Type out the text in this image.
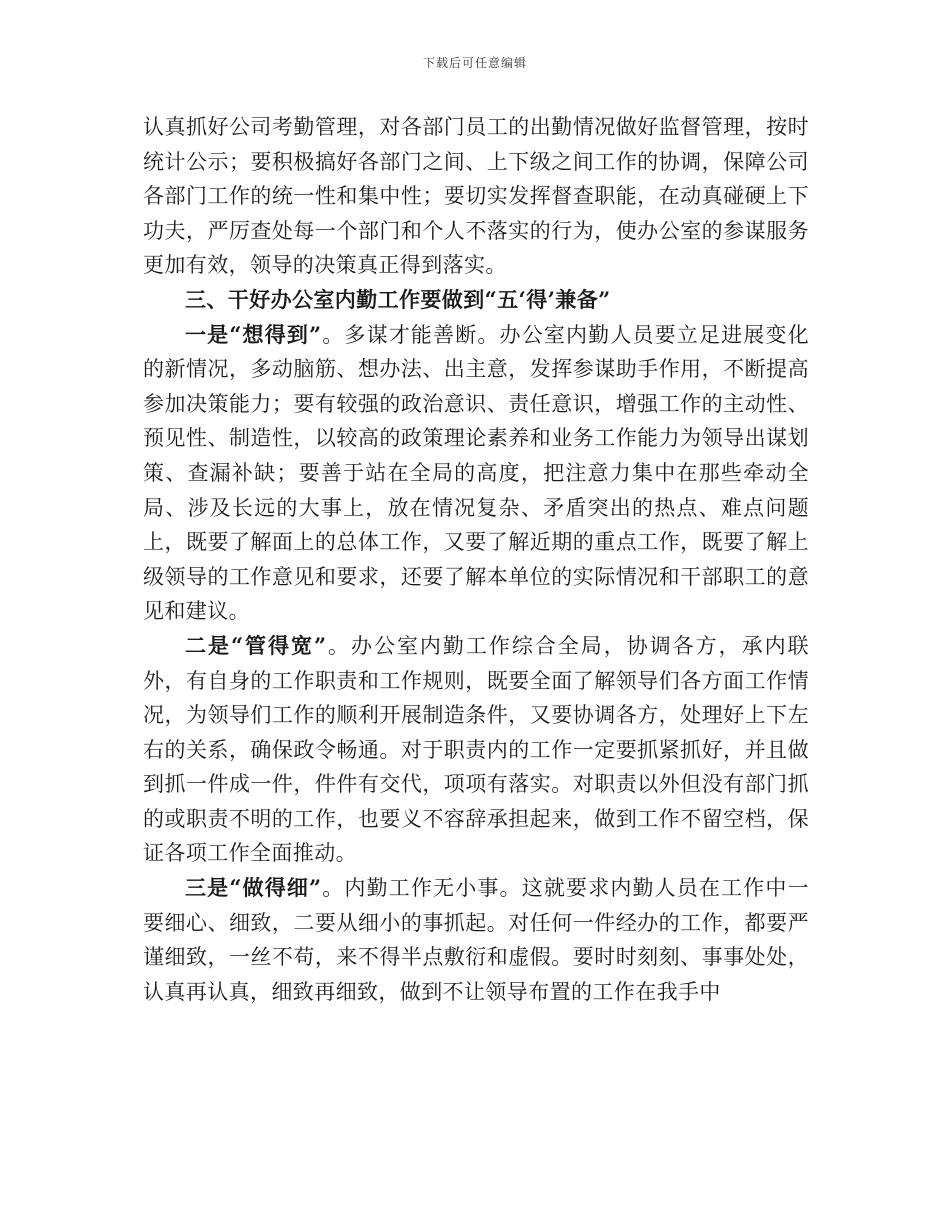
下载后可任意编辑

认真抓好公司考勤管理，对各部门员工的出勤情况做好监督管理，按时统计公示；要积极搞好各部门之间、上下级之间工作的协调，保障公司各部门工作的统一性和集中性；要切实发挥督查职能，在动真碰硬上下功夫，严厉查处每一个部门和个人不落实的行为，使办公室的参谋服务更加有效，领导的决策真正得到落实。

三、干好办公室内勤工作要做到“五‘得’兼备”

一是“想得到”。多谋才能善断。办公室内勤人员要立足进展变化的新情况，多动脑筋、想办法、出主意，发挥参谋助手作用，不断提高参加决策能力；要有较强的政治意识、责任意识，增强工作的主动性、预见性、制造性，以较高的政策理论素养和业务工作能力为领导出谋划策、查漏补缺；要善于站在全局的高度，把注意力集中在那些牵动全局、涉及长远的大事上，放在情况复杂、矛盾突出的热点、难点问题上，既要了解面上的总体工作，又要了解近期的重点工作，既要了解上级领导的工作意见和要求，还要了解本单位的实际情况和干部职工的意见和建议。

二是“管得宽”。办公室内勤工作综合全局，协调各方，承内联外，有自身的工作职责和工作规则，既要全面了解领导们各方面工作情况，为领导们工作的顺利开展制造条件，又要协调各方，处理好上下左右的关系，确保政令畅通。对于职责内的工作一定要抓紧抓好，并且做到抓一件成一件，件件有交代，项项有落实。对职责以外但没有部门抓的或职责不明的工作，也要义不容辞承担起来，做到工作不留空档，保证各项工作全面推动。

三是“做得细”。内勤工作无小事。这就要求内勤人员在工作中一要细心、细致，二要从细小的事抓起。对任何一件经办的工作，都要严谨细致，一丝不苟，来不得半点敷衍和虚假。要时时刻刻、事事处处，认真再认真，细致再细致，做到不让领导布置的工作在我手中
